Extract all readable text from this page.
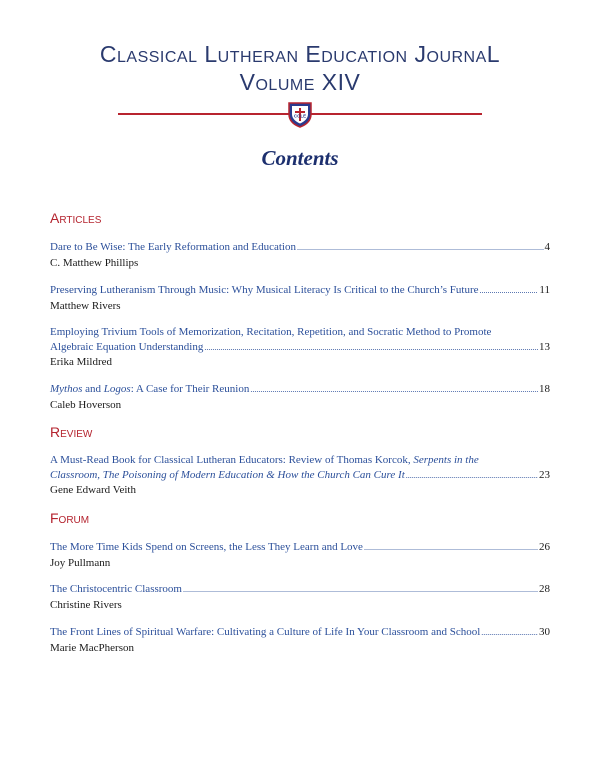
Classical Lutheran Education JournaL
Volume XIV
CCLE
Contents
Articles
Dare to Be Wise: The Early Reformation and Education .....	4
C. Matthew Phillips
Preserving Lutheranism Through Music: Why Musical Literacy Is Critical to the Church’s Future .....	11
Matthew Rivers
Employing Trivium Tools of Memorization, Recitation, Repetition, and Socratic Method to Promote
Algebraic Equation Understanding .....	13
Erika Mildred
Mythos and Logos: A Case for Their Reunion .....	18
Caleb Hoverson
Review
A Must-Read Book for Classical Lutheran Educators: Review of Thomas Korcok, Serpents in the
Classroom, The Poisoning of Modern Education & How the Church Can Cure It .....	23
Gene Edward Veith
Forum
The More Time Kids Spend on Screens, the Less They Learn and Love .....	26
Joy Pullmann
The Christocentric Classroom .....	28
Christine Rivers
The Front Lines of Spiritual Warfare: Cultivating a Culture of Life In Your Classroom and School .....	30
Marie MacPherson
